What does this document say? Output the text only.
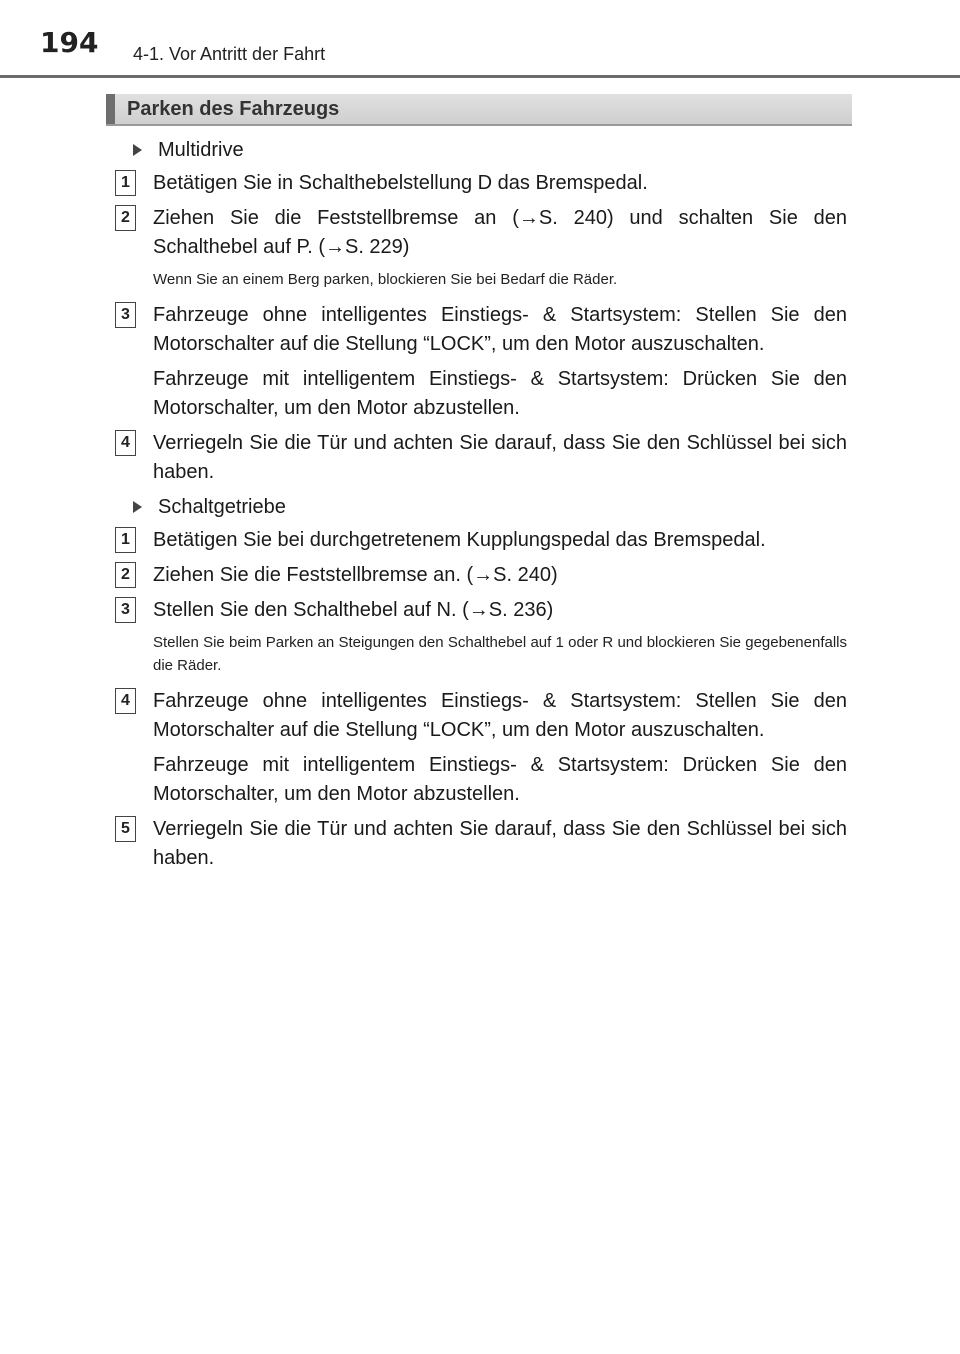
194 4-1. Vor Antritt der Fahrt
Parken des Fahrzeugs
Multidrive
1	Betätigen Sie in Schalthebelstellung D das Bremspedal.
2	Ziehen Sie die Feststellbremse an (→S. 240) und schalten Sie den Schalthebel auf P. (→S. 229)
Wenn Sie an einem Berg parken, blockieren Sie bei Bedarf die Räder.
3	Fahrzeuge ohne intelligentes Einstiegs- & Startsystem: Stellen Sie den Motorschalter auf die Stellung “LOCK”, um den Motor auszuschalten.
Fahrzeuge mit intelligentem Einstiegs- & Startsystem: Drücken Sie den Motorschalter, um den Motor abzustellen.
4	Verriegeln Sie die Tür und achten Sie darauf, dass Sie den Schlüssel bei sich haben.
Schaltgetriebe
1	Betätigen Sie bei durchgetretenem Kupplungspedal das Bremspedal.
2	Ziehen Sie die Feststellbremse an. (→S. 240)
3	Stellen Sie den Schalthebel auf N. (→S. 236)
Stellen Sie beim Parken an Steigungen den Schalthebel auf 1 oder R und blockieren Sie gegebenenfalls die Räder.
4	Fahrzeuge ohne intelligentes Einstiegs- & Startsystem: Stellen Sie den Motorschalter auf die Stellung “LOCK”, um den Motor auszuschalten.
Fahrzeuge mit intelligentem Einstiegs- & Startsystem: Drücken Sie den Motorschalter, um den Motor abzustellen.
5	Verriegeln Sie die Tür und achten Sie darauf, dass Sie den Schlüssel bei sich haben.
